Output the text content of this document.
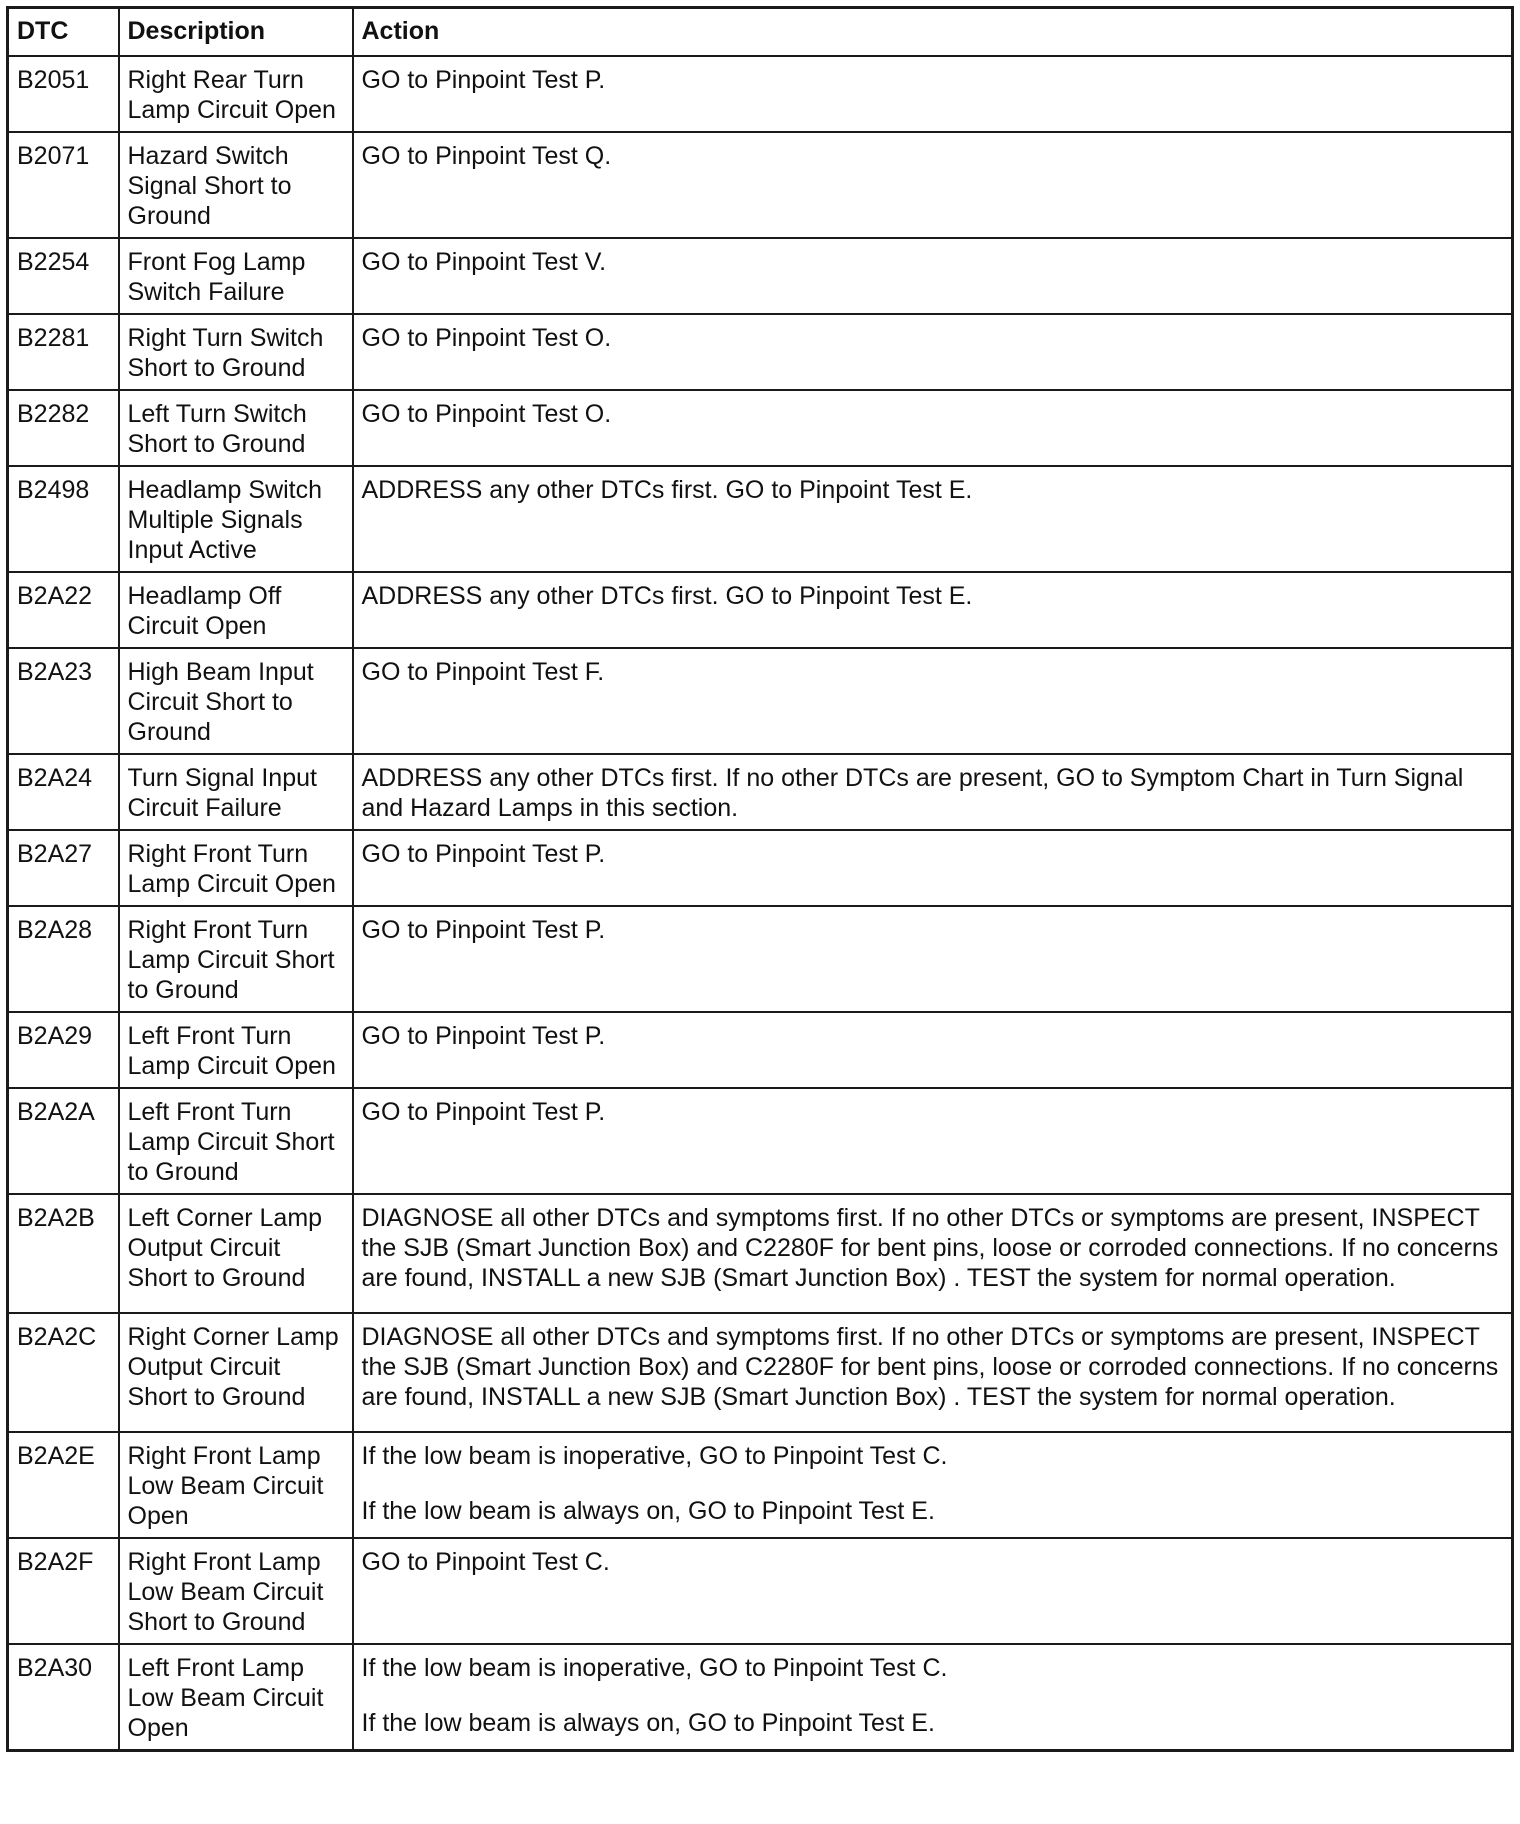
DTC	Description	Action
B2051	Right Rear Turn Lamp Circuit Open	GO to Pinpoint Test P.

B2071	Hazard Switch Signal Short to Ground	GO to Pinpoint Test Q.

B2254	Front Fog Lamp Switch Failure	GO to Pinpoint Test V.

B2281	Right Turn Switch Short to Ground	GO to Pinpoint Test O.

B2282	Left Turn Switch Short to Ground	GO to Pinpoint Test O.

B2498	Headlamp Switch Multiple Signals Input Active	ADDRESS any other DTCs first. GO to Pinpoint Test E.

B2A22	Headlamp Off Circuit Open	ADDRESS any other DTCs first. GO to Pinpoint Test E.

B2A23	High Beam Input Circuit Short to Ground	GO to Pinpoint Test F.

B2A24	Turn Signal Input Circuit Failure	ADDRESS any other DTCs first. If no other DTCs are present, GO to Symptom Chart in Turn Signal and Hazard Lamps in this section.

B2A27	Right Front Turn Lamp Circuit Open	GO to Pinpoint Test P.

B2A28	Right Front Turn Lamp Circuit Short to Ground	GO to Pinpoint Test P.

B2A29	Left Front Turn Lamp Circuit Open	GO to Pinpoint Test P.

B2A2A	Left Front Turn Lamp Circuit Short to Ground	GO to Pinpoint Test P.

B2A2B	Left Corner Lamp Output Circuit Short to Ground	DIAGNOSE all other DTCs and symptoms first. If no other DTCs or symptoms are present, INSPECT the SJB (Smart Junction Box) and C2280F for bent pins, loose or corroded connections. If no concerns are found, INSTALL a new SJB (Smart Junction Box) . TEST the system for normal operation.

B2A2C	Right Corner Lamp Output Circuit Short to Ground	DIAGNOSE all other DTCs and symptoms first. If no other DTCs or symptoms are present, INSPECT the SJB (Smart Junction Box) and C2280F for bent pins, loose or corroded connections. If no concerns are found, INSTALL a new SJB (Smart Junction Box) . TEST the system for normal operation.

B2A2E	Right Front Lamp Low Beam Circuit Open	If the low beam is inoperative, GO to Pinpoint Test C.
If the low beam is always on, GO to Pinpoint Test E.

B2A2F	Right Front Lamp Low Beam Circuit Short to Ground	GO to Pinpoint Test C.

B2A30	Left Front Lamp Low Beam Circuit Open	If the low beam is inoperative, GO to Pinpoint Test C.
If the low beam is always on, GO to Pinpoint Test E.
